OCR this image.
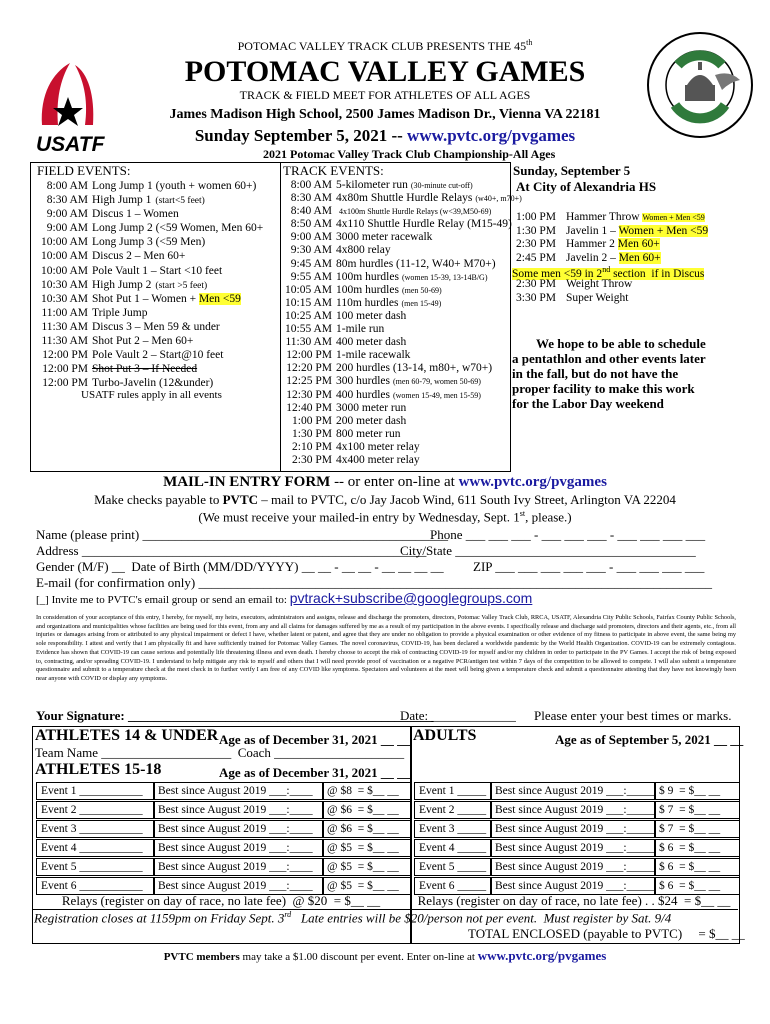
USATF
POTOMAC VALLEY TRACK CLUB PRESENTS THE 45th
POTOMAC VALLEY GAMES
TRACK & FIELD MEET FOR ATHLETES OF ALL AGES
James Madison High School, 2500 James Madison Dr., Vienna VA 22181
Sunday September 5, 2021 -- www.pvtc.org/pvgames
2021 Potomac Valley Track Club Championship-All Ages
FIELD EVENTS:
8:00 AM Long Jump 1 (youth + women 60+)
8:30 AM High Jump 1 (start<5 feet)
9:00 AM Discus 1 – Women
9:00 AM Long Jump 2 (<59 Women, Men 60+
10:00 AM Long Jump 3 (<59 Men)
10:00 AM Discus 2 – Men 60+
10:00 AM Pole Vault 1 – Start <10 feet
10:30 AM High Jump 2 (start >5 feet)
10:30 AM Shot Put 1 – Women + Men <59
11:00 AM Triple Jump
11:30 AM Discus 3 – Men 59 & under
11:30 AM Shot Put 2 – Men 60+
12:00 PM Pole Vault 2 – Start@10 feet
12:00 PM Shot Put 3 – If Needed
12:00 PM Turbo-Javelin (12&under)
USATF rules apply in all events
TRACK EVENTS:
8:00 AM 5-kilometer run (30-minute cut-off)
8:30 AM 4x80m Shuttle Hurdle Relays (w40+, m70+)
8:40 AM 4x100m Shuttle Hurdle Relays (w<39,M50-69)
8:50 AM 4x110 Shuttle Hurdle Relay (M15-49)
9:00 AM 3000 meter racewalk
9:30 AM 4x800 relay
9:45 AM 80m hurdles (11-12, W40+ M70+)
9:55 AM 100m hurdles (women 15-39, 13-14B/G)
10:05 AM 100m hurdles (men 50-69)
10:15 AM 110m hurdles (men 15-49)
10:25 AM 100 meter dash
10:55 AM 1-mile run
11:30 AM 400 meter dash
12:00 PM 1-mile racewalk
12:20 PM 200 hurdles (13-14, m80+, w70+)
12:25 PM 300 hurdles (men 60-79, women 50-69)
12:30 PM 400 hurdles (women 15-49, men 15-59)
12:40 PM 3000 meter run
1:00 PM 200 meter dash
1:30 PM 800 meter run
2:10 PM 4x100 meter relay
2:30 PM 4x400 meter relay
Sunday, September 5
At City of Alexandria HS
1:00 PM Hammer Throw Women + Men <59
1:30 PM Javelin 1 – Women + Men <59
2:30 PM Hammer 2 Men 60+
2:45 PM Javelin 2 – Men 60+
Some men <59 in 2nd section  if in Discus
2:30 PM Weight Throw
3:30 PM Super Weight
We hope to be able to schedule a pentathlon and other events later in the fall, but do not have the proper facility to make this work for the Labor Day weekend
MAIL-IN ENTRY FORM -- or enter on-line at www.pvtc.org/pvgames
Make checks payable to PVTC – mail to PVTC, c/o Jay Jacob Wind, 611 South Ivy Street, Arlington VA 22204
(We must receive your mailed-in entry by Wednesday, Sept. 1st, please.)
Name (please print) _______________________________________________
Phone ___ ___ ___ - ___ ___ ___ - ___ ___ ___ ___
Address _____________________________________________________
City/State _____________________________________
Gender (M/F) __  Date of Birth (MM/DD/YYYY) __ __ - __ __ - __ __ __ __ ZIP ___ ___ ___ ___ ___ - ___ ___ ___ ___
E-mail (for confirmation only) _______________________________________________________________________________
[_] Invite me to PVTC's email group or send an email to: pvtrack+subscribe@googlegroups.com
In consideration of your acceptance of this entry, I hereby, for myself, my heirs, executors, administrators and assigns, release and discharge the promoters, directors, Potomac Valley Track Club, RRCA, USATF, Alexandria City Public Schools, Fairfax County Public Schools, and organizations and municipalities whose facilities are being used for this event, from any and all claims for damages suffered by me as a result of my participation in the above events. I specifically release and discharge said promoters, directors and their agents, etc., from all injuries or damages arising from or attributed to any physical impairment or defect I have, whether latent or patent, and agree that they are under no obligation to provide a physical examination or other evidence of my fitness to participate in above event, the same being my sole responsibility. I attest and verify that I am physically fit and have sufficiently trained for Potomac Valley Games. The novel coronavirus, COVID-19, has been declared a worldwide pandemic by the World Health Organization. COVID-19 can be extremely contagious. Evidence has shown that COVID-19 can cause serious and potentially life threatening illness and even death. I hereby choose to accept the risk of contracting COVID-19 for myself and/or my children in order to participate in the PV Games. I accept the risk of being exposed to, contracting, and/or spreading COVID-19. I understand to help mitigate any risk to myself and others that I will need provide proof of vaccination or a negative PCR/antigen test within 7 days of the competition to be allowed to compete. I will also submit a temperature questionnaire and submit to a temperature check at the meet check in to further verify I am free of any COVID like symptoms. Spectators and volunteers at the meet will being given a temperature check and submit a questionnaire attesting that they have not knowingly been near anyone with COVID or display any symptoms.
Your Signature: _______________________________________________
Date: _____________ Please enter your best times or marks.
ATHLETES 14 & UNDER Age as of December 31, 2021 __ __
Team Name ____________________  Coach ____________________
ATHLETES 15-18	Age as of December 31, 2021 __ __
ADULTS	Age as of September 5, 2021 __ __
Event 1 ___________	Best since August 2019 ___:____	@ $8  = $__ __
Event 2 ___________	Best since August 2019 ___:____	@ $6  = $__ __
Event 3 ___________	Best since August 2019 ___:____	@ $6  = $__ __
Event 4 ___________	Best since August 2019 ___:____	@ $5  = $__ __
Event 5 ___________	Best since August 2019 ___:____	@ $5  = $__ __
Event 6 ___________	Best since August 2019 ___:____	@ $5  = $__ __
Event 1 _____ Best since August 2019 ___:_____ $ 9  = $__ __
Event 2 _____ Best since August 2019 ___:_____ $ 7  = $__ __
Event 3 _____ Best since August 2019 ___:_____ $ 7  = $__ __
Event 4 _____ Best since August 2019 ___:_____ $ 6  = $__ __
Event 5 _____ Best since August 2019 ___:_____ $ 6  = $__ __
Event 6 _____ Best since August 2019 ___:_____ $ 6  = $__ __
Relays (register on day of race, no late fee)  @ $20  = $__ __	Relays (register on day of race, no late fee) . . $24  = $__ __
Registration closes at 1159pm on Friday Sept. 3rd   Late entries will be $20/person not per event.  Must register by Sat. 9/4
TOTAL ENCLOSED (payable to PVTC)     = $__ __
PVTC members may take a $1.00 discount per event. Enter on-line at www.pvtc.org/pvgames
